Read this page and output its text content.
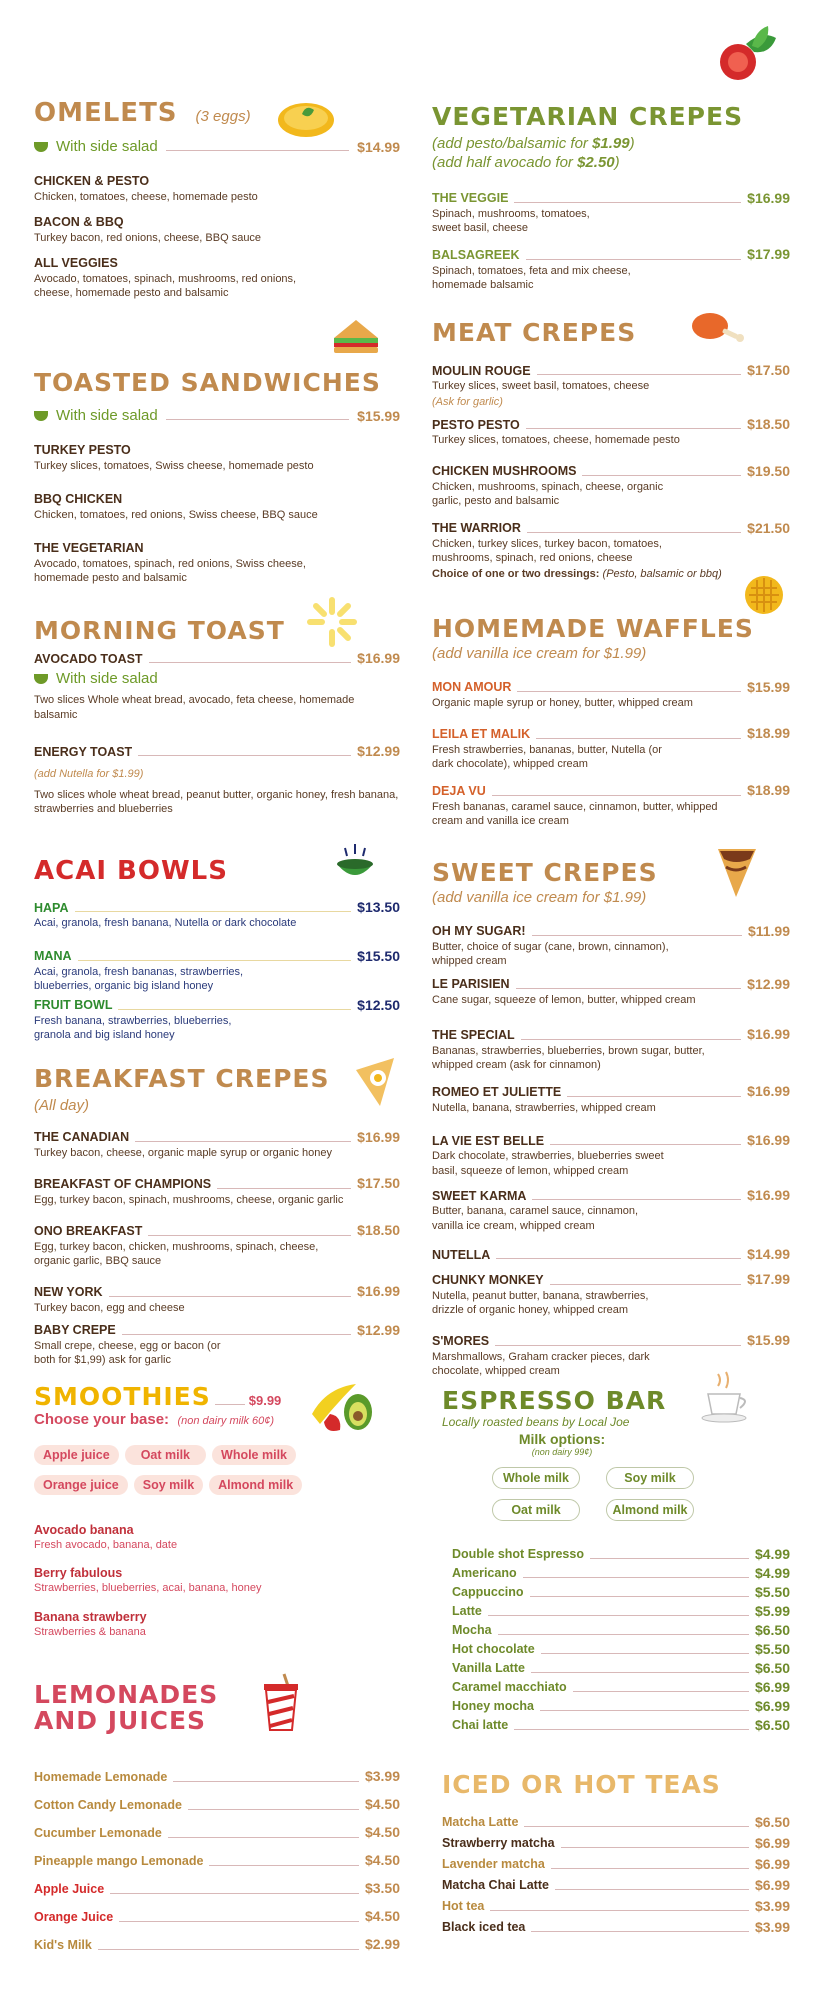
OMELETS (3 eggs)
With side salad	$14.99
CHICKEN & PESTO
Chicken, tomatoes, cheese, homemade pesto
BACON & BBQ
Turkey bacon, red onions, cheese, BBQ sauce
ALL VEGGIES
Avocado, tomatoes, spinach, mushrooms, red onions, cheese, homemade pesto and balsamic
TOASTED SANDWICHES
With side salad	$15.99
TURKEY PESTO
Turkey slices, tomatoes, Swiss cheese, homemade pesto
BBQ CHICKEN
Chicken, tomatoes, red onions, Swiss cheese, BBQ sauce
THE VEGETARIAN
Avocado, tomatoes, spinach, red onions, Swiss cheese, homemade pesto and balsamic
MORNING TOAST
AVOCADO TOAST	$16.99
With side salad
Two slices Whole wheat bread, avocado, feta cheese, homemade balsamic
ENERGY TOAST	$12.99
(add Nutella for $1.99)
Two slices whole wheat bread, peanut butter, organic honey, fresh banana, strawberries and blueberries
ACAI BOWLS
HAPA	$13.50
Acai, granola, fresh banana, Nutella or dark chocolate
MANA	$15.50
Acai, granola, fresh bananas, strawberries, blueberries, organic big island honey
FRUIT BOWL	$12.50
Fresh banana, strawberries, blueberries, granola and big island honey
BREAKFAST CREPES
(All day)
THE CANADIAN	$16.99
Turkey bacon, cheese, organic maple syrup or organic honey
BREAKFAST OF CHAMPIONS	$17.50
Egg, turkey bacon, spinach, mushrooms, cheese, organic garlic
ONO BREAKFAST	$18.50
Egg, turkey bacon, chicken, mushrooms, spinach, cheese, organic garlic, BBQ sauce
NEW YORK	$16.99
Turkey bacon, egg and cheese
BABY CREPE	$12.99
Small crepe, cheese, egg or bacon (or both for $1,99) ask for garlic
SMOOTHIES	$9.99
Choose your base: (non dairy milk 60¢)
Apple juice Oat milk Whole milk
Orange juice Soy milk Almond milk
Avocado banana
Fresh avocado, banana, date
Berry fabulous
Strawberries, blueberries, acai, banana, honey
Banana strawberry
Strawberries & banana
LEMONADES
AND JUICES
Homemade Lemonade	$3.99
Cotton Candy Lemonade	$4.50
Cucumber Lemonade	$4.50
Pineapple mango Lemonade	$4.50
Apple Juice	$3.50
Orange Juice	$4.50
Kid's Milk	$2.99
VEGETARIAN CREPES
(add pesto/balsamic for $1.99)
(add half avocado for $2.50)
THE VEGGIE	$16.99
Spinach, mushrooms, tomatoes, sweet basil, cheese
BALSAGREEK	$17.99
Spinach, tomatoes, feta and mix cheese, homemade balsamic
MEAT CREPES
MOULIN ROUGE	$17.50
Turkey slices, sweet basil, tomatoes, cheese
(Ask for garlic)
PESTO PESTO	$18.50
Turkey slices, tomatoes, cheese, homemade pesto
CHICKEN MUSHROOMS	$19.50
Chicken, mushrooms, spinach, cheese, organic garlic, pesto and balsamic
THE WARRIOR	$21.50
Chicken, turkey slices, turkey bacon, tomatoes, mushrooms, spinach, red onions, cheese
Choice of one or two dressings: (Pesto, balsamic or bbq)
HOMEMADE WAFFLES
(add vanilla ice cream for $1.99)
MON AMOUR	$15.99
Organic maple syrup or honey, butter, whipped cream
LEILA ET MALIK	$18.99
Fresh strawberries, bananas, butter, Nutella (or dark chocolate), whipped cream
DEJA VU	$18.99
Fresh bananas, caramel sauce, cinnamon, butter, whipped cream and vanilla ice cream
SWEET CREPES
(add vanilla ice cream for $1.99)
OH MY SUGAR!	$11.99
Butter, choice of sugar (cane, brown, cinnamon), whipped cream
LE PARISIEN	$12.99
Cane sugar, squeeze of lemon, butter, whipped cream
THE SPECIAL	$16.99
Bananas, strawberries, blueberries, brown sugar, butter, whipped cream (ask for cinnamon)
ROMEO ET JULIETTE	$16.99
Nutella, banana, strawberries, whipped cream
LA VIE EST BELLE	$16.99
Dark chocolate, strawberries, blueberries sweet basil, squeeze of lemon, whipped cream
SWEET KARMA	$16.99
Butter, banana, caramel sauce, cinnamon, vanilla ice cream, whipped cream
NUTELLA	$14.99
CHUNKY MONKEY	$17.99
Nutella, peanut butter, banana, strawberries, drizzle of organic honey, whipped cream
S'MORES	$15.99
Marshmallows, Graham cracker pieces, dark chocolate, whipped cream
ESPRESSO BAR
Locally roasted beans by Local Joe
Milk options:
(non dairy 99¢)
Whole milk	Soy milk
Oat milk	Almond milk
Double shot Espresso	$4.99
Americano	$4.99
Cappuccino	$5.50
Latte	$5.99
Mocha	$6.50
Hot chocolate	$5.50
Vanilla Latte	$6.50
Caramel macchiato	$6.99
Honey mocha	$6.99
Chai latte	$6.50
ICED OR HOT TEAS
Matcha Latte	$6.50
Strawberry matcha	$6.99
Lavender matcha	$6.99
Matcha Chai Latte	$6.99
Hot tea	$3.99
Black iced tea	$3.99
